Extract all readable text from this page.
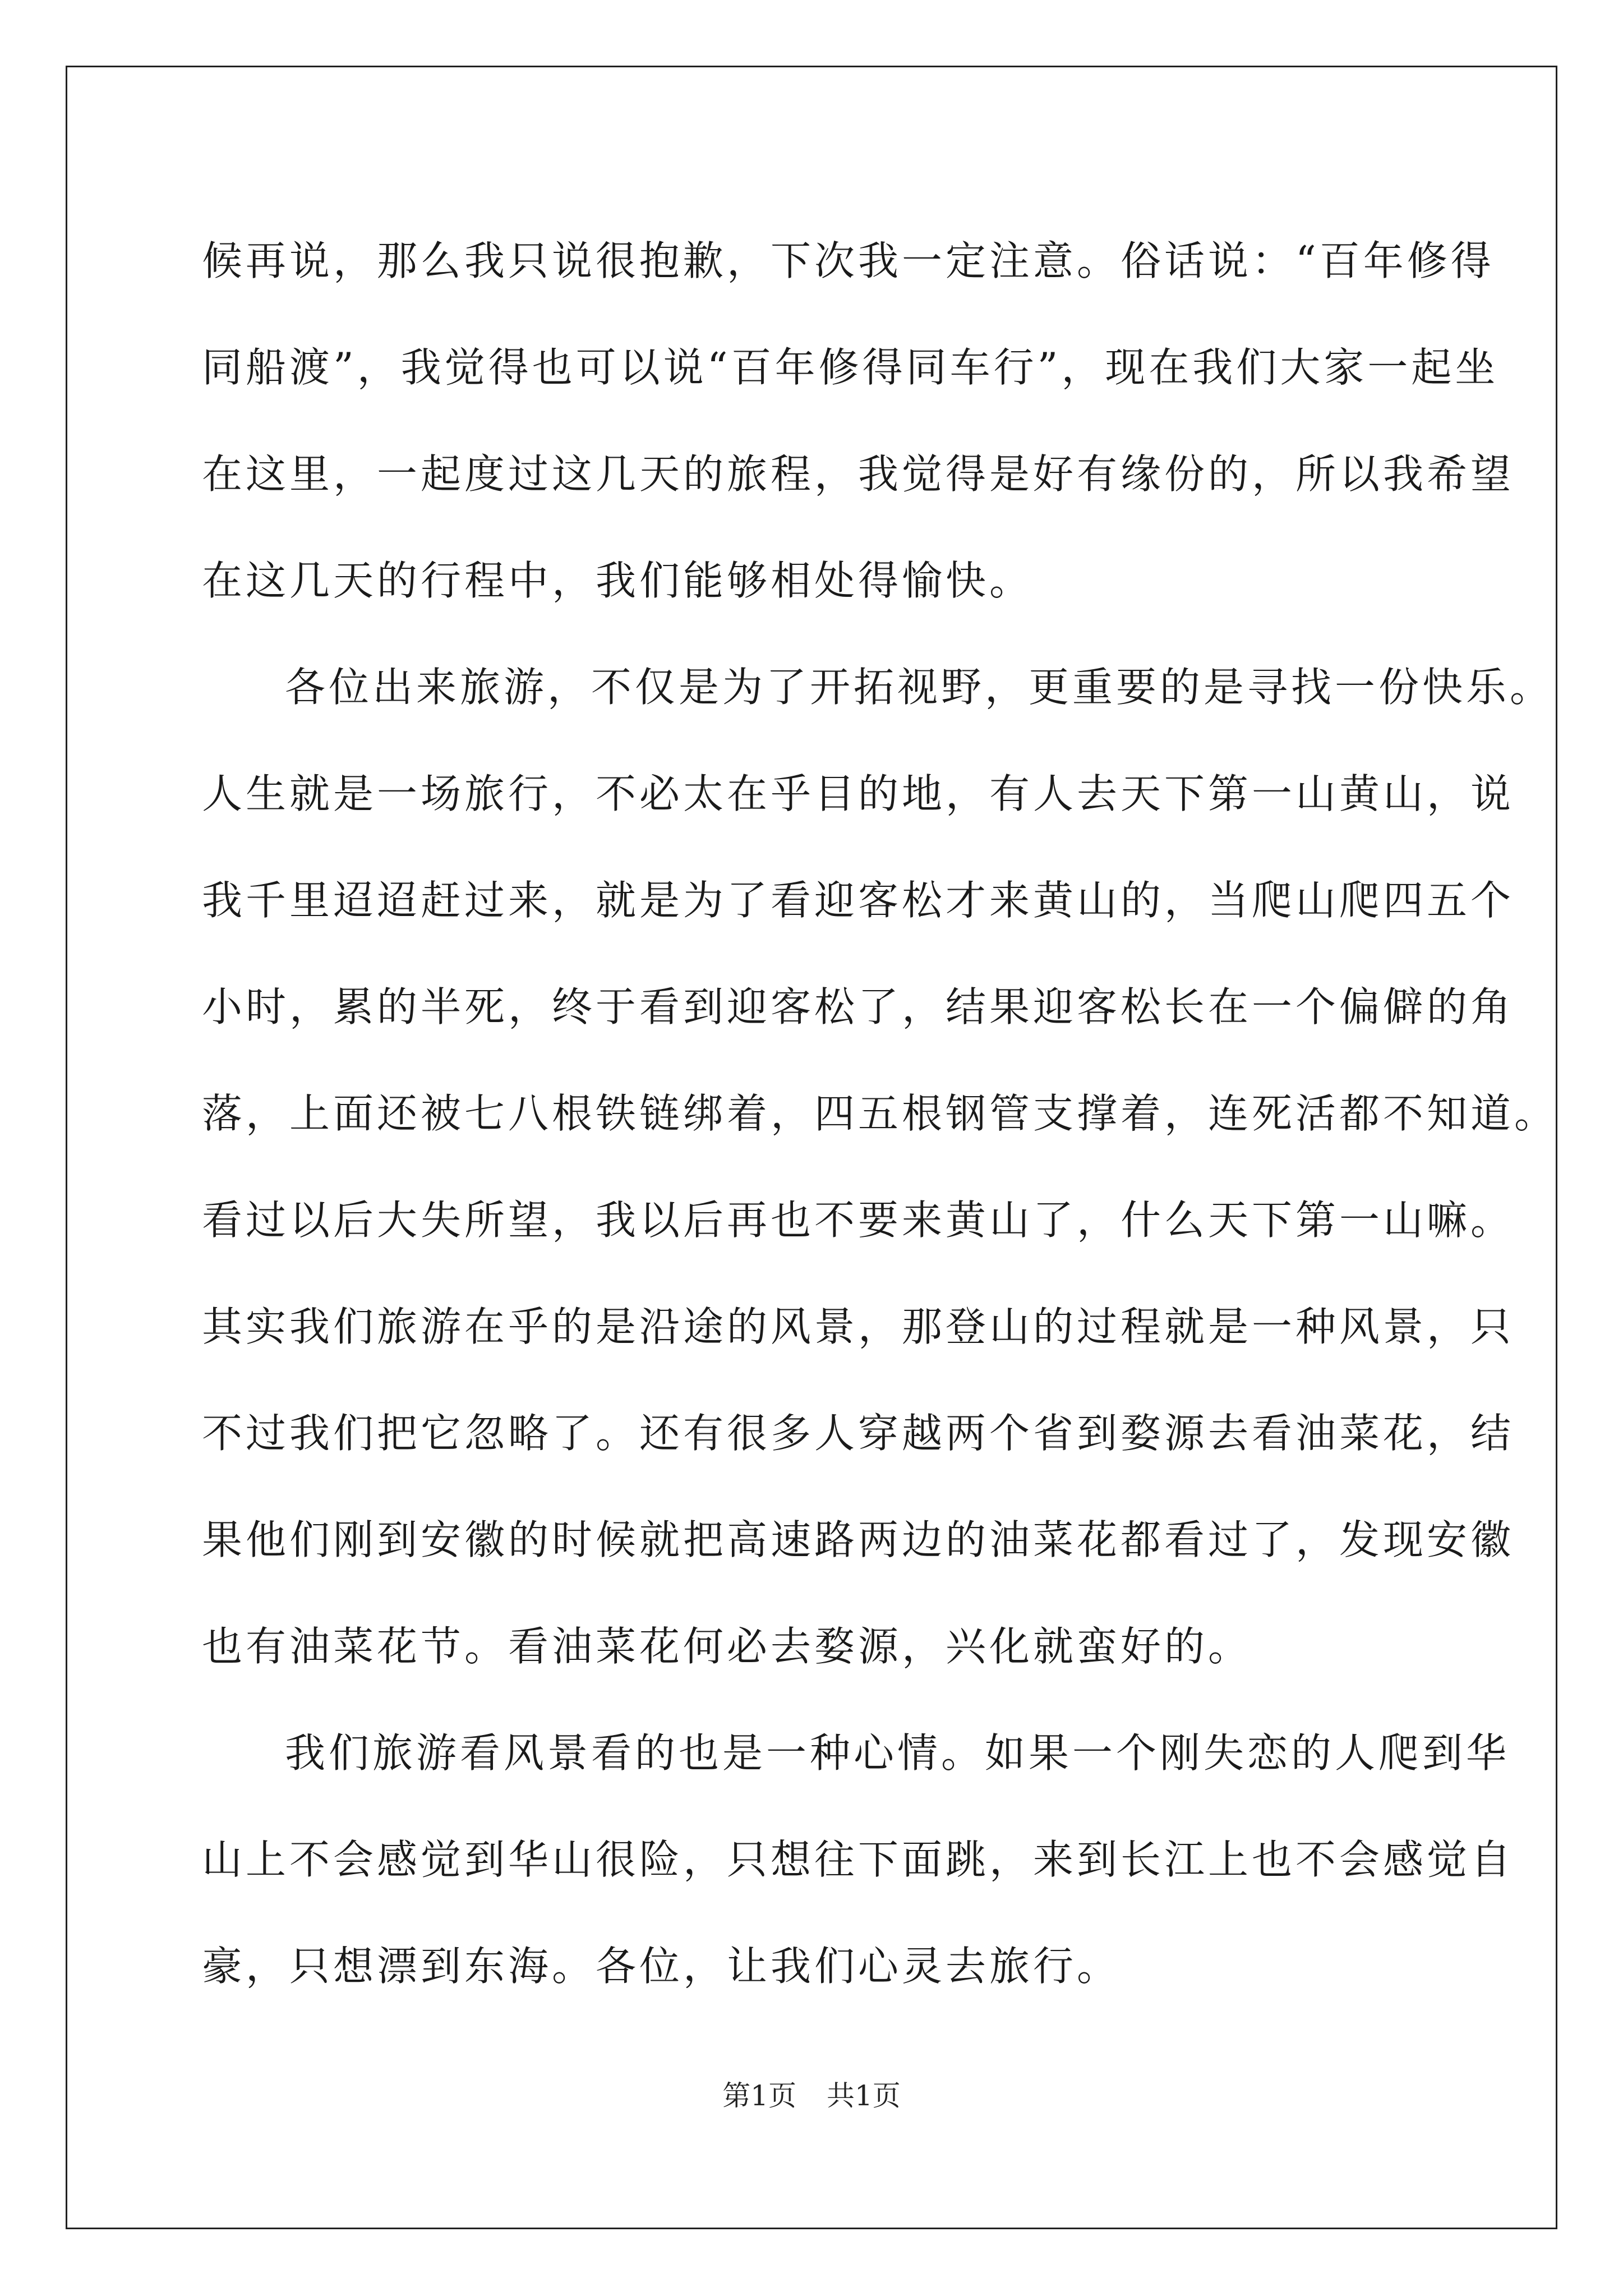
候再说，那么我只说很抱歉，下次我一定注意。俗话说：“百年修得
同船渡”，我觉得也可以说“百年修得同车行”，现在我们大家一起坐
在这里，一起度过这几天的旅程，我觉得是好有缘份的，所以我希望
在这几天的行程中，我们能够相处得愉快。
各位出来旅游，不仅是为了开拓视野，更重要的是寻找一份快乐。
人生就是一场旅行，不必太在乎目的地，有人去天下第一山黄山，说
我千里迢迢赶过来，就是为了看迎客松才来黄山的，当爬山爬四五个
小时，累的半死，终于看到迎客松了，结果迎客松长在一个偏僻的角
落，上面还被七八根铁链绑着，四五根钢管支撑着，连死活都不知道。
看过以后大失所望，我以后再也不要来黄山了，什么天下第一山嘛。
其实我们旅游在乎的是沿途的风景，那登山的过程就是一种风景，只
不过我们把它忽略了。还有很多人穿越两个省到婺源去看油菜花，结
果他们刚到安徽的时候就把高速路两边的油菜花都看过了，发现安徽
也有油菜花节。看油菜花何必去婺源，兴化就蛮好的。
我们旅游看风景看的也是一种心情。如果一个刚失恋的人爬到华
山上不会感觉到华山很险，只想往下面跳，来到长江上也不会感觉自
豪，只想漂到东海。各位，让我们心灵去旅行。
第1页 共1页
